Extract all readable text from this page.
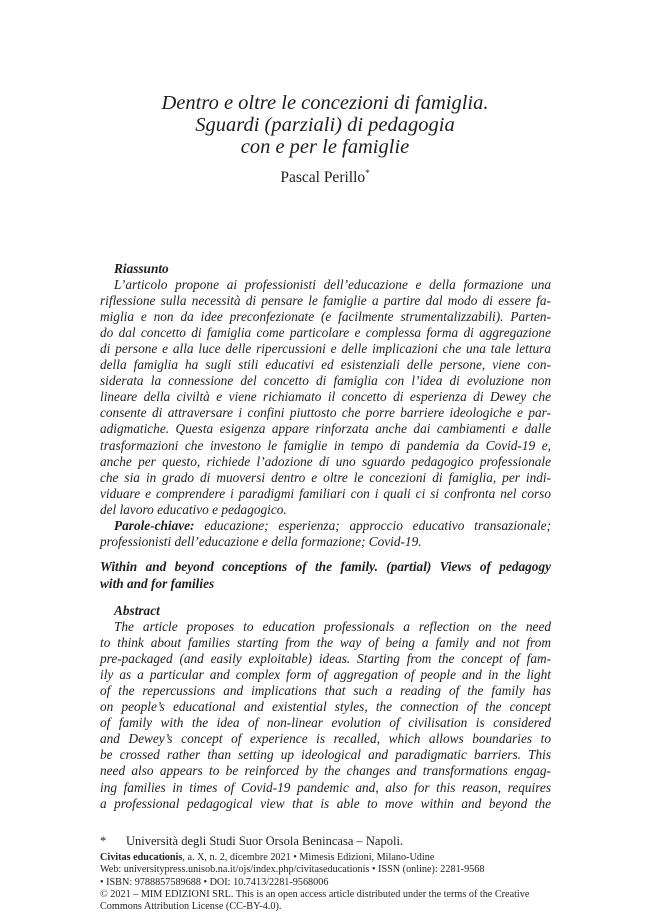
Dentro e oltre le concezioni di famiglia.
Sguardi (parziali) di pedagogia
con e per le famiglie
Pascal Perillo*
Riassunto
L’articolo propone ai professionisti dell’educazione e della formazione una
riflessione sulla necessità di pensare le famiglie a partire dal modo di essere fa-
miglia e non da idee preconfezionate (e facilmente strumentalizzabili). Parten-
do dal concetto di famiglia come particolare e complessa forma di aggregazione
di persone e alla luce delle ripercussioni e delle implicazioni che una tale lettura
della famiglia ha sugli stili educativi ed esistenziali delle persone, viene con-
siderata la connessione del concetto di famiglia con l’idea di evoluzione non
lineare della civiltà e viene richiamato il concetto di esperienza di Dewey che
consente di attraversare i confini piuttosto che porre barriere ideologiche e par-
adigmatiche. Questa esigenza appare rinforzata anche dai cambiamenti e dalle
trasformazioni che investono le famiglie in tempo di pandemia da Covid-19 e,
anche per questo, richiede l’adozione di uno sguardo pedagogico professionale
che sia in grado di muoversi dentro e oltre le concezioni di famiglia, per indi-
viduare e comprendere i paradigmi familiari con i quali ci si confronta nel corso
del lavoro educativo e pedagogico.
Parole-chiave: educazione; esperienza; approccio educativo transazionale;
professionisti dell’educazione e della formazione; Covid-19.
Within and beyond conceptions of the family. (partial) Views of pedagogy
with and for families
Abstract
The article proposes to education professionals a reflection on the need
to think about families starting from the way of being a family and not from
pre-packaged (and easily exploitable) ideas. Starting from the concept of fam-
ily as a particular and complex form of aggregation of people and in the light
of the repercussions and implications that such a reading of the family has
on people’s educational and existential styles, the connection of the concept
of family with the idea of non-linear evolution of civilisation is considered
and Dewey’s concept of experience is recalled, which allows boundaries to
be crossed rather than setting up ideological and paradigmatic barriers. This
need also appears to be reinforced by the changes and transformations engag-
ing families in times of Covid-19 pandemic and, also for this reason, requires
a professional pedagogical view that is able to move within and beyond the
* Università degli Studi Suor Orsola Benincasa – Napoli.
Civitas educationis, a. X, n. 2, dicembre 2021 • Mimesis Edizioni, Milano-Udine
Web: universitypress.unisob.na.it/ojs/index.php/civitaseducationis • ISSN (online): 2281-9568
• ISBN: 9788857589688 • DOI: 10.7413/2281-9568006
© 2021 – MIM EDIZIONI SRL. This is an open access article distributed under the terms of the Creative
Commons Attribution License (CC-BY-4.0).
